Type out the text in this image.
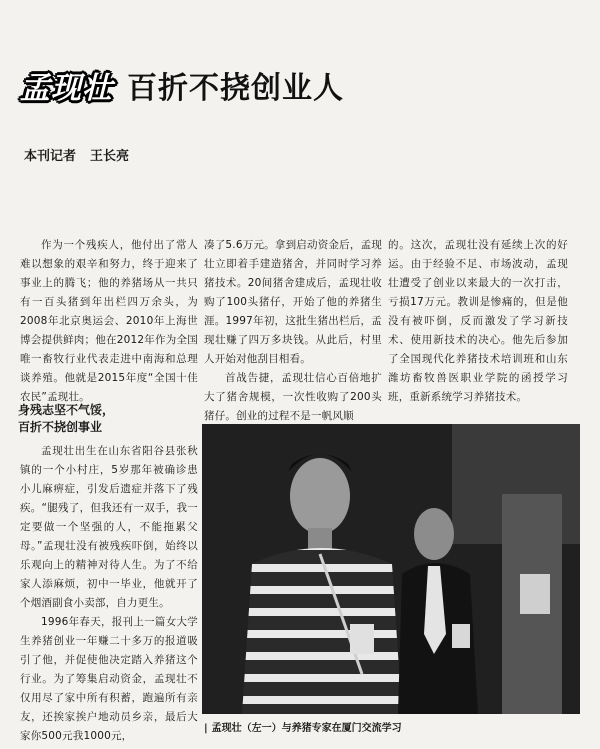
孟现壮 百折不挠创业人
本刊记者 王长亮

作为一个残疾人，他付出了常人难以想象的艰辛和努力，终于迎来了事业上的腾飞；他的养猪场从一共只有一百头猪到年出栏四万余头，为2008年北京奥运会、2010年上海世博会提供鲜肉；他在2012年作为全国唯一畜牧行业代表走进中南海和总理谈养殖。他就是2015年度“全国十佳农民”孟现壮。

身残志坚不气馁，
百折不挠创事业

孟现壮出生在山东省阳谷县张秋镇的一个小村庄，5岁那年被确诊患小儿麻痹症，引发后遗症并落下了残疾。“腿残了，但我还有一双手，我一定要做一个坚强的人，不能拖累父母。”孟现壮没有被残疾吓倒，始终以乐观向上的精神对待人生。为了不给家人添麻烦，初中一毕业，他就开了个烟酒副食小卖部，自力更生。

1996年春天，报刊上一篇女大学生养猪创业一年赚二十多万的报道吸引了他，并促使他决定踏入养猪这个行业。为了筹集启动资金，孟现壮不仅用尽了家中所有积蓄，跑遍所有亲友，还挨家挨户地动员乡亲，最后大家你500元我1000元，

凑了5.6万元。拿到启动资金后，孟现壮立即着手建造猪舍，并同时学习养猪技术。20间猪舍建成后，孟现壮收购了100头猪仔，开始了他的养猪生涯。1997年初，这批生猪出栏后，孟现壮赚了四万多块钱。从此后，村里人开始对他刮目相看。

首战告捷，孟现壮信心百倍地扩大了猪舍规模，一次性收购了200头猪仔。创业的过程不是一帆风顺

的。这次，孟现壮没有延续上次的好运。由于经验不足、市场波动，孟现壮遭受了创业以来最大的一次打击，亏损17万元。教训是惨痛的，但是他没有被吓倒，反而激发了学习新技术、使用新技术的决心。他先后参加了全国现代化养猪技术培训班和山东潍坊畜牧兽医职业学院的函授学习班，重新系统学习养猪技术。

| 孟现壮（左一）与养猪专家在厦门交流学习
